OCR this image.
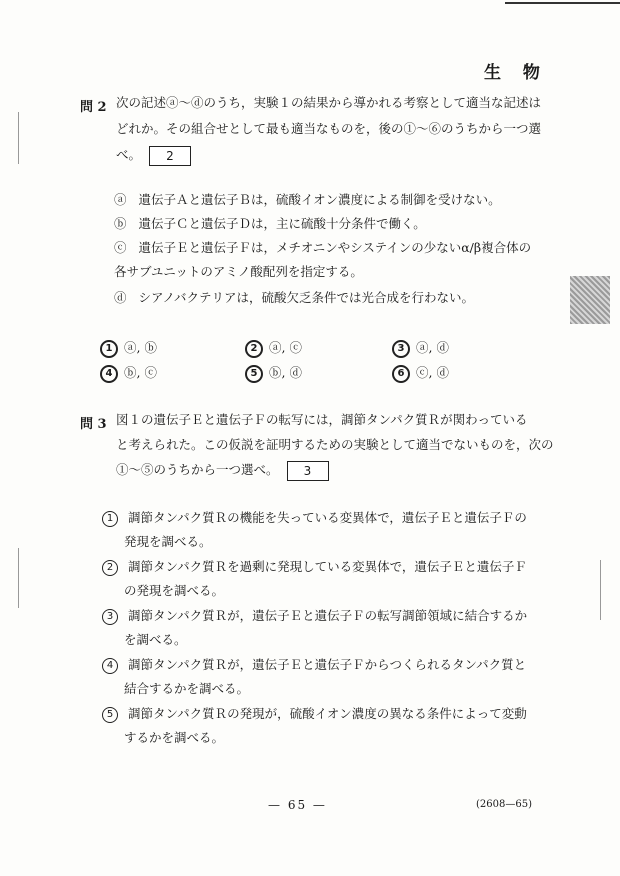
生 物
問 2 次の記述ⓐ〜ⓓのうち，実験１の結果から導かれる考察として適当な記述は
どれか。その組合せとして最も適当なものを，後の①〜⑥のうちから一つ選
べ。 2
ⓐ 遺伝子Ａと遺伝子Ｂは，硫酸イオン濃度による制御を受けない。
ⓑ 遺伝子Ｃと遺伝子Ｄは，主に硫酸十分条件で働く。
ⓒ 遺伝子Ｅと遺伝子Ｆは，メチオニンやシステインの少ないα/β複合体の
各サブユニットのアミノ酸配列を指定する。
ⓓ シアノバクテリアは，硫酸欠乏条件では光合成を行わない。
1 ⓐ, ⓑ	2 ⓐ, ⓒ	3 ⓐ, ⓓ
4 ⓑ, ⓒ	5 ⓑ, ⓓ	6 ⓒ, ⓓ
問 3 図１の遺伝子Ｅと遺伝子Ｆの転写には，調節タンパク質Ｒが関わっている
と考えられた。この仮説を証明するための実験として適当でないものを，次の
①〜⑤のうちから一つ選べ。 3
1 調節タンパク質Ｒの機能を失っている変異体で，遺伝子Ｅと遺伝子Ｆの
発現を調べる。
2 調節タンパク質Ｒを過剰に発現している変異体で，遺伝子Ｅと遺伝子Ｆ
の発現を調べる。
3 調節タンパク質Ｒが，遺伝子Ｅと遺伝子Ｆの転写調節領域に結合するか
を調べる。
4 調節タンパク質Ｒが，遺伝子Ｅと遺伝子Ｆからつくられるタンパク質と
結合するかを調べる。
5 調節タンパク質Ｒの発現が，硫酸イオン濃度の異なる条件によって変動
するかを調べる。
— 65 —	(2608—65)
